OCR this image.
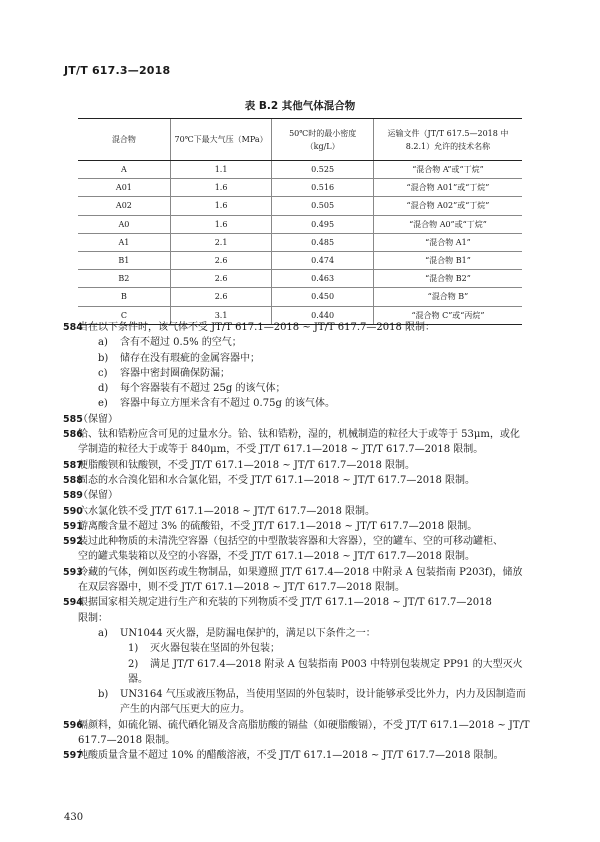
JT/T 617.3—2018
表 B.2 其他气体混合物
混合物	70℃下最大气压（MPa）	50℃时的最小密度（kg/L）	运输文件（JT/T 617.5—2018 中 8.2.1）允许的技术名称
A	1.1	0.525	“混合物 A”或“丁烷”
A01	1.6	0.516	“混合物 A01”或“丁烷”
A02	1.6	0.505	“混合物 A02”或“丁烷”
A0	1.6	0.495	“混合物 A0”或“丁烷”
A1	2.1	0.485	“混合物 A1”
B1	2.6	0.474	“混合物 B1”
B2	2.6	0.463	“混合物 B2”
B	2.6	0.450	“混合物 B”
C	3.1	0.440	“混合物 C”或“丙烷”
584
当在以下条件时，该气体不受 JT/T 617.1—2018 ~ JT/T 617.7—2018 限制：
a) 含有不超过 0.5% 的空气；
b) 储存在没有瑕疵的金属容器中；
c) 容器中密封圈确保防漏；
d) 每个容器装有不超过 25g 的该气体；
e) 容器中每立方厘米含有不超过 0.75g 的该气体。
585
（保留）
586
铪、钛和锆粉应含可见的过量水分。铪、钛和锆粉，湿的，机械制造的粒径大于或等于 53μm，或化
学制造的粒径大于或等于 840μm，不受 JT/T 617.1—2018 ~ JT/T 617.7—2018 限制。
587
硬脂酸钡和钛酸钡，不受 JT/T 617.1—2018 ~ JT/T 617.7—2018 限制。
588
固态的水合溴化铝和水合氯化铝，不受 JT/T 617.1—2018 ~ JT/T 617.7—2018 限制。
589
（保留）
590
六水氯化铁不受 JT/T 617.1—2018 ~ JT/T 617.7—2018 限制。
591
游离酸含量不超过 3% 的硫酸铅，不受 JT/T 617.1—2018 ~ JT/T 617.7—2018 限制。
592
装过此种物质的未清洗空容器（包括空的中型散装容器和大容器），空的罐车、空的可移动罐柜、
空的罐式集装箱以及空的小容器，不受 JT/T 617.1—2018 ~ JT/T 617.7—2018 限制。
593
冷藏的气体，例如医药或生物制品，如果遵照 JT/T 617.4—2018 中附录 A 包装指南 P203f)，储放
在双层容器中，则不受 JT/T 617.1—2018 ~ JT/T 617.7—2018 限制。
594
根据国家相关规定进行生产和充装的下列物质不受 JT/T 617.1—2018 ~ JT/T 617.7—2018
限制：
a) UN1044 灭火器，是防漏电保护的，满足以下条件之一：
1) 灭火器包装在坚固的外包装；
2) 满足 JT/T 617.4—2018 附录 A 包装指南 P003 中特别包装规定 PP91 的大型灭火器。
b) UN3164 气压或液压物品，当使用坚固的外包装时，设计能够承受比外力，内力及因制造而
产生的内部气压更大的应力。
596
镉颜料，如硫化镉、硫代硒化镉及含高脂肪酸的镉盐（如硬脂酸镉），不受 JT/T 617.1—2018 ~ JT/T
617.7—2018 限制。
597
纯酸质量含量不超过 10% 的醋酸溶液，不受 JT/T 617.1—2018 ~ JT/T 617.7—2018 限制。
430
